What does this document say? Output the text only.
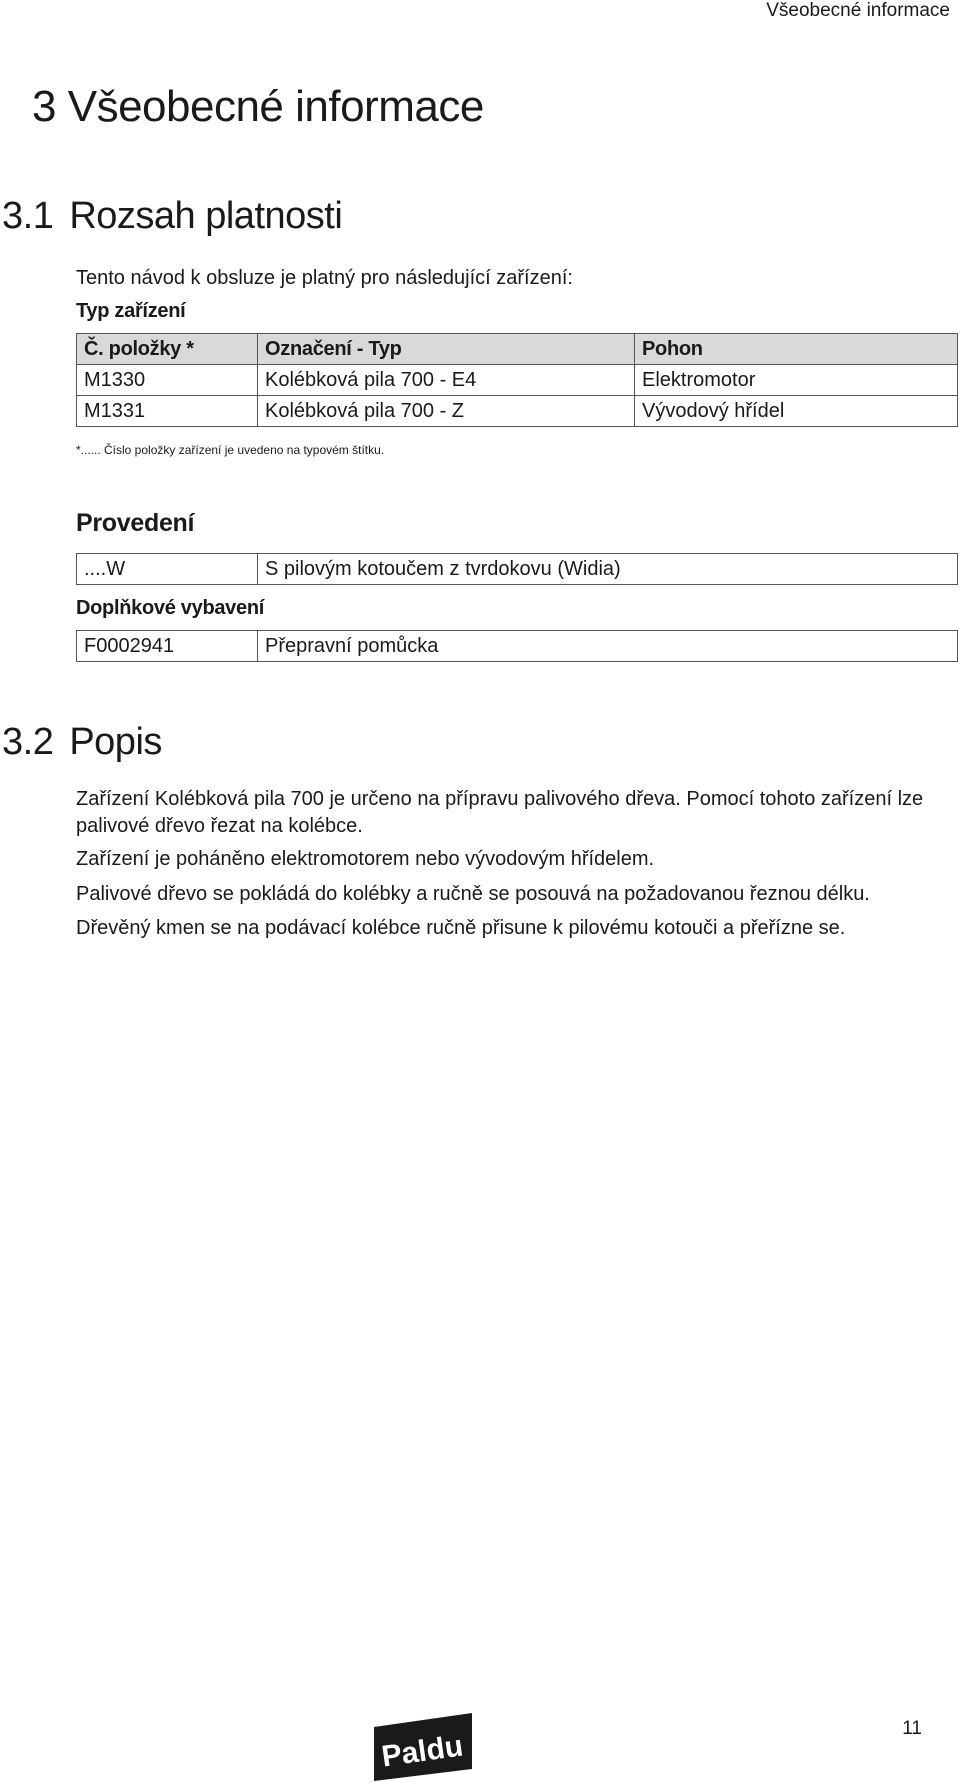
Všeobecné informace
3 Všeobecné informace
3.1 Rozsah platnosti
Tento návod k obsluze je platný pro následující zařízení:
Typ zařízení
Č. položky *	Označení - Typ	Pohon
M1330	Kolébková pila 700 - E4	Elektromotor
M1331	Kolébková pila 700 - Z	Vývodový hřídel
*...... Číslo položky zařízení je uvedeno na typovém štítku.
Provedení
....W	S pilovým kotoučem z tvrdokovu (Widia)
Doplňkové vybavení
F0002941	Přepravní pomůcka
3.2 Popis

Zařízení Kolébková pila 700 je určeno na přípravu palivového dřeva. Pomocí tohoto zařízení lze palivové dřevo řezat na kolébce.

Zařízení je poháněno elektromotorem nebo vývodovým hřídelem.

Palivové dřevo se pokládá do kolébky a ručně se posouvá na požadovanou řeznou délku.

Dřevěný kmen se na podávací kolébce ručně přisune k pilovému kotouči a přeřízne se.

Paldu
11
